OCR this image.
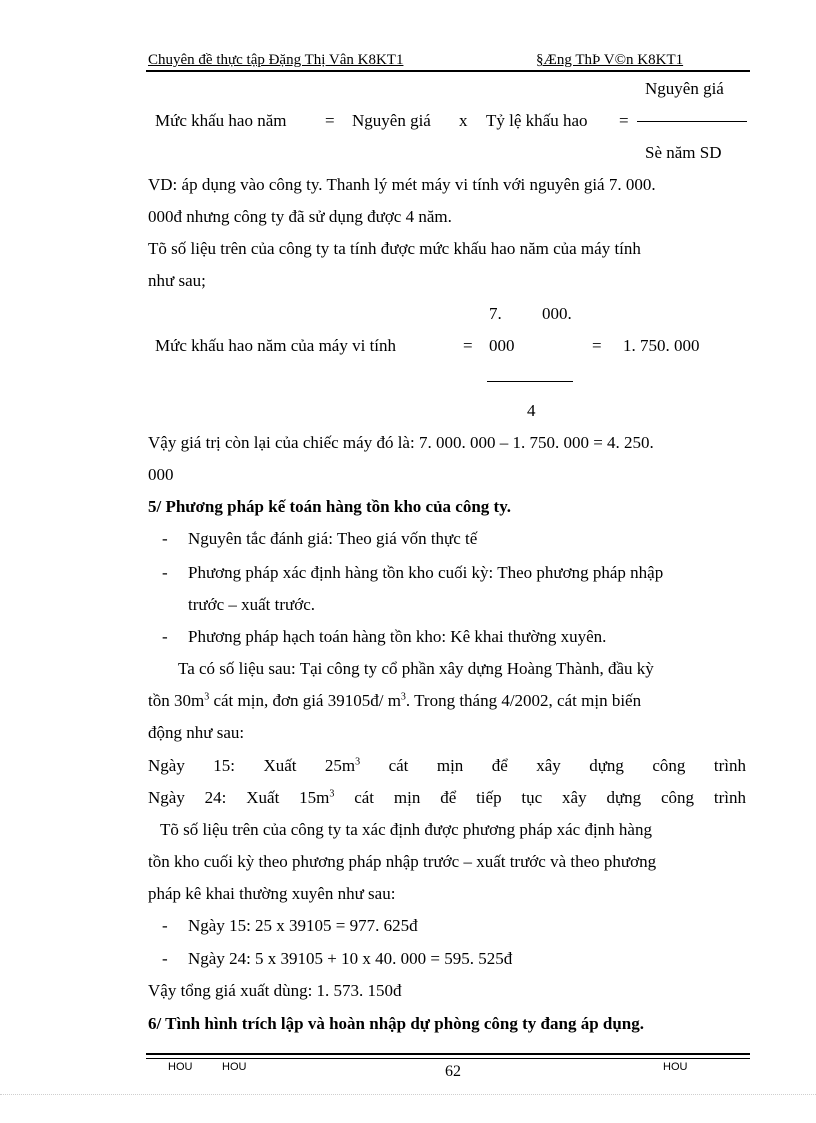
Chuyên đề thực tập Đặng Thị Vân K8KT1	§Æng ThÞ V©n K8KT1
Nguyên giá
Mức khấu hao năm = Nguyên giá x Tỷ lệ khấu hao =
Sè năm SD
VD: áp dụng vào công ty. Thanh lý mét máy vi tính với nguyên giá 7. 000.
000đ nhưng công ty đã sử dụng được 4 năm.
Tõ số liệu trên của công ty ta tính được mức khấu hao năm của máy tính
như sau;
7. 000.
Mức khấu hao năm của máy vi tính	= 000	= 1. 750. 000
4
Vậy giá trị còn lại của chiếc máy đó là: 7. 000. 000 – 1. 750. 000 = 4. 250.
000
5/ Phương pháp kế toán hàng tồn kho của công ty.
- Nguyên tắc đánh giá: Theo giá vốn thực tế
- Phương pháp xác định hàng tồn kho cuối kỳ: Theo phương pháp nhập
trước – xuất trước.
- Phương pháp hạch toán hàng tồn kho: Kê khai thường xuyên.
Ta có số liệu sau: Tại công ty cổ phần xây dựng Hoàng Thành, đầu kỳ
tồn $30m^3$ cát mịn, đơn giá 39105đ/ $m^3$. Trong tháng 4/2002, cát mịn biến
động như sau:
Ngày 15: Xuất $25m^3$ cát mịn để xây dựng công trình
Ngày 24: Xuất $15m^3$ cát mịn để tiếp tục xây dựng công trình
Tõ số liệu trên của công ty ta xác định được phương pháp xác định hàng
tồn kho cuối kỳ theo phương pháp nhập trước – xuất trước và theo phương
pháp kê khai thường xuyên như sau:
- Ngày 15: 25 x 39105 = 977. 625đ
- Ngày 24: 5 x 39105 + 10 x 40. 000 = 595. 525đ
Vậy tổng giá xuất dùng: 1. 573. 150đ
6/ Tình hình trích lập và hoàn nhập dự phòng công ty đang áp dụng.
HOU	HOU	62	HOU
